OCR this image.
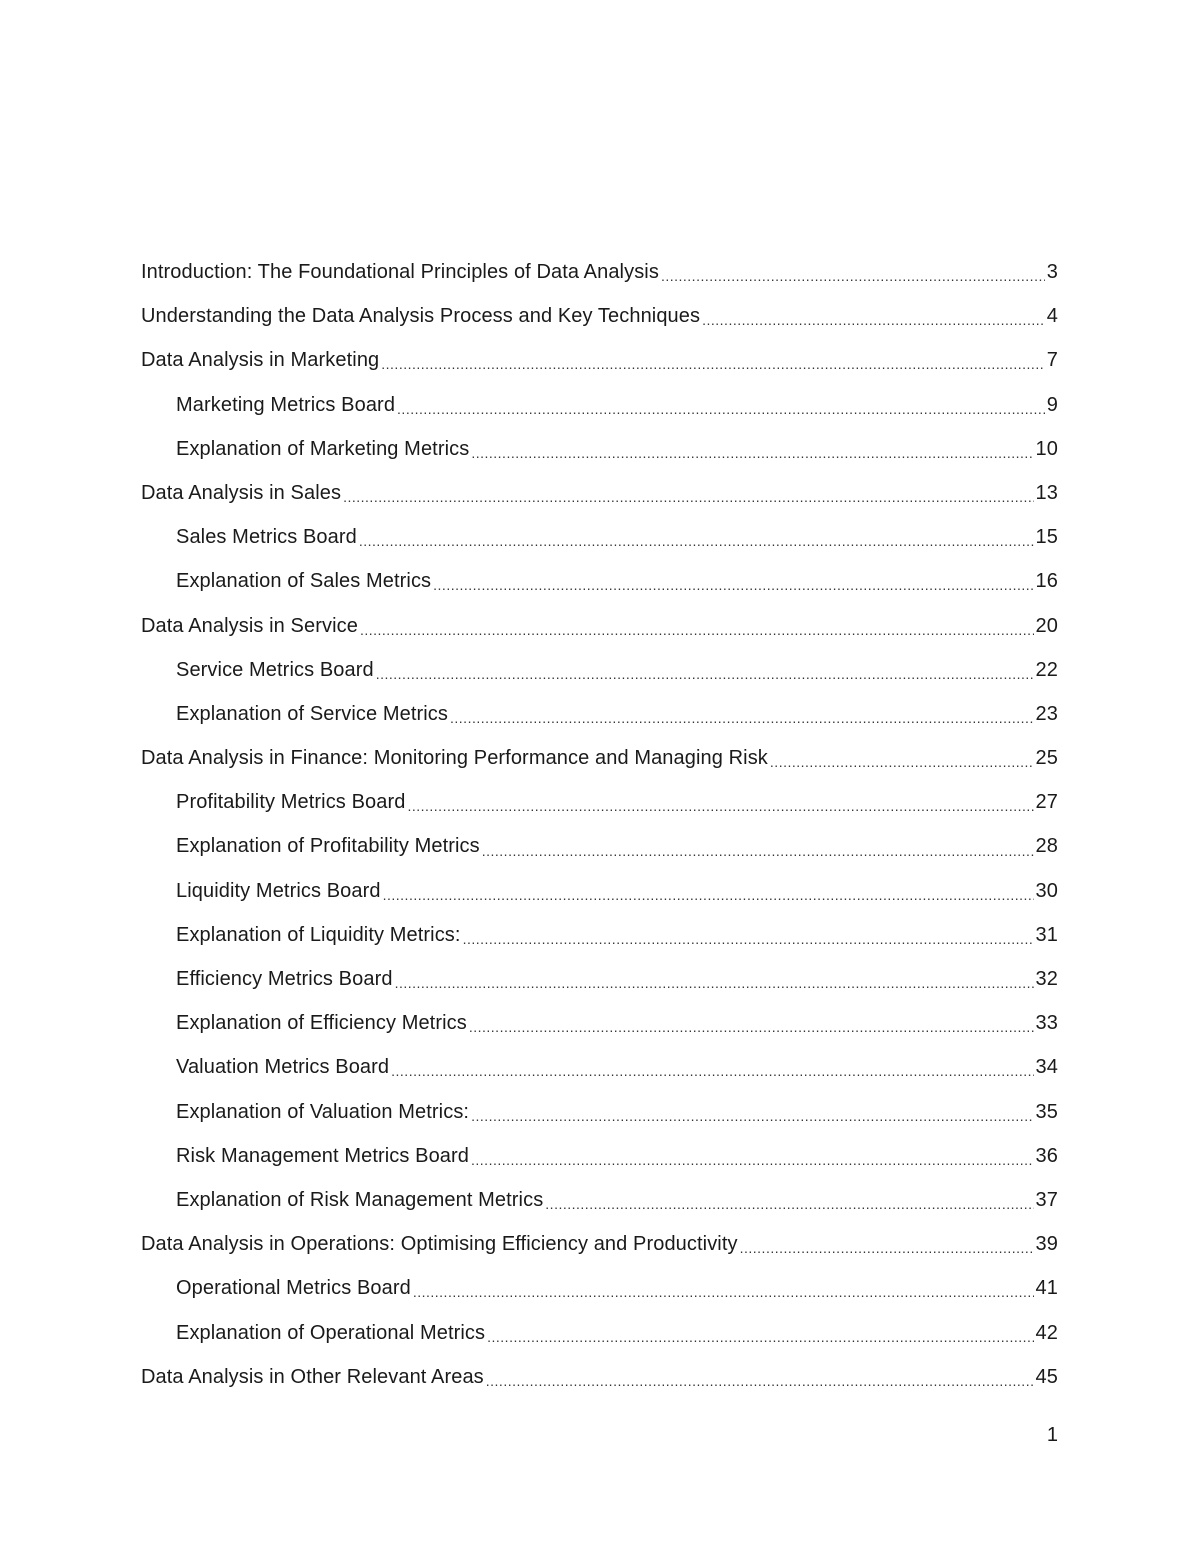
Introduction: The Foundational Principles of Data Analysis .....	3
Understanding the Data Analysis Process and Key Techniques .....	4
Data Analysis in Marketing .....	7
Marketing Metrics Board .....	9
Explanation of Marketing Metrics .....	10
Data Analysis in Sales .....	13
Sales Metrics Board .....	15
Explanation of Sales Metrics .....	16
Data Analysis in Service .....	20
Service Metrics Board .....	22
Explanation of Service Metrics .....	23
Data Analysis in Finance: Monitoring Performance and Managing Risk .....	25
Profitability Metrics Board .....	27
Explanation of Profitability Metrics .....	28
Liquidity Metrics Board .....	30
Explanation of Liquidity Metrics: .....	31
Efficiency Metrics Board .....	32
Explanation of Efficiency Metrics .....	33
Valuation Metrics Board .....	34
Explanation of Valuation Metrics: .....	35
Risk Management Metrics Board .....	36
Explanation of Risk Management Metrics .....	37
Data Analysis in Operations: Optimising Efficiency and Productivity .....	39
Operational Metrics Board .....	41
Explanation of Operational Metrics .....	42
Data Analysis in Other Relevant Areas .....	45
1
